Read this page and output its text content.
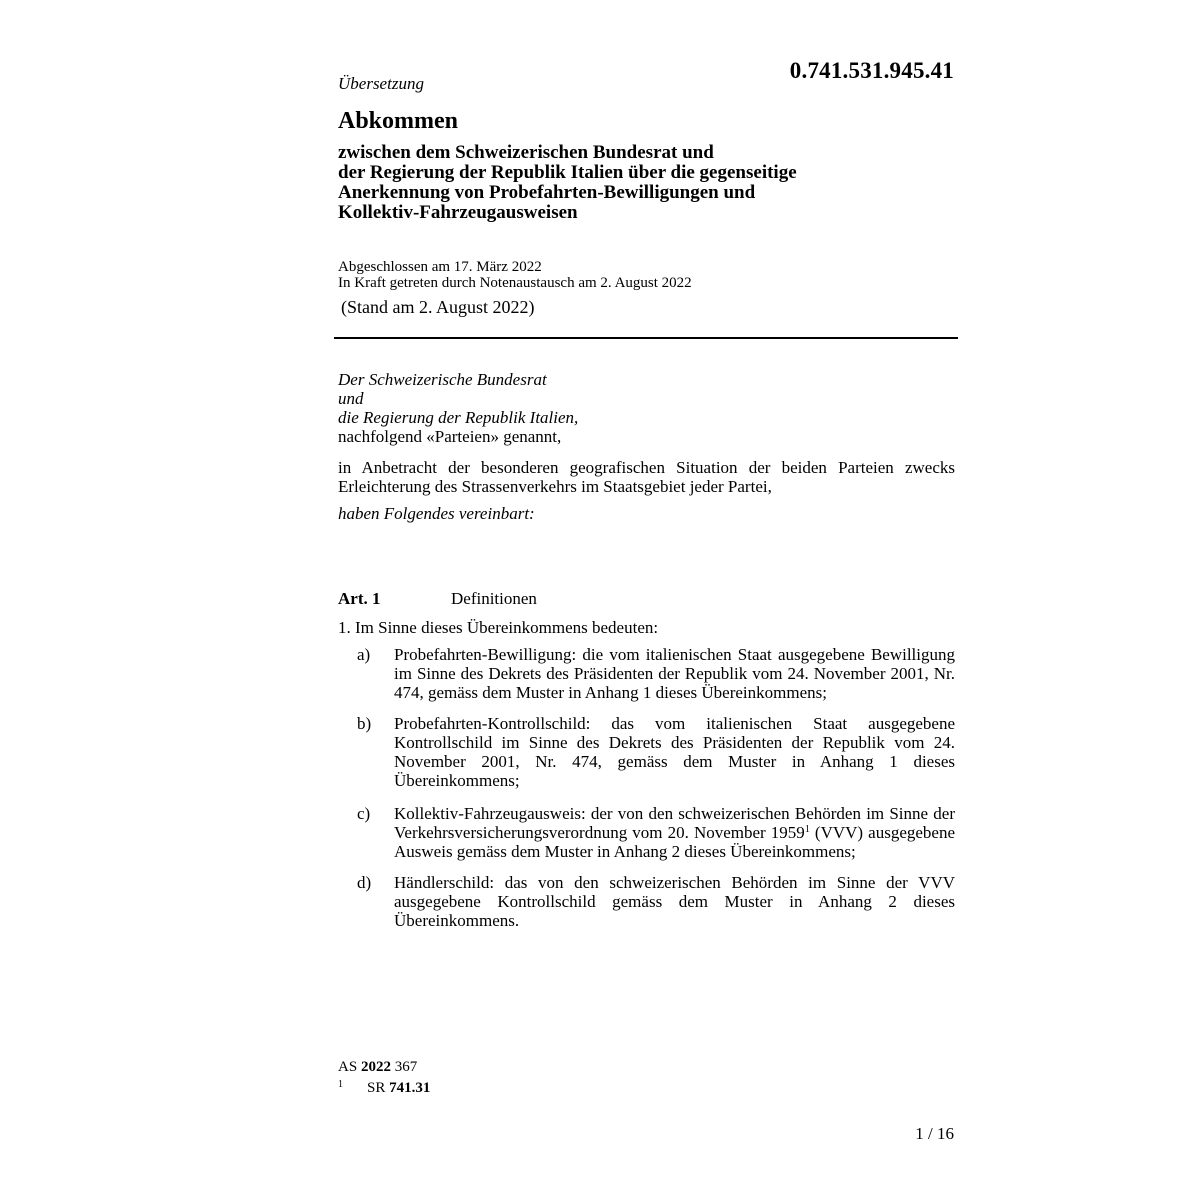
0.741.531.945.41
Übersetzung
Abkommen
zwischen dem Schweizerischen Bundesrat und
der Regierung der Republik Italien über die gegenseitige
Anerkennung von Probefahrten-Bewilligungen und
Kollektiv-Fahrzeugausweisen
Abgeschlossen am 17. März 2022
In Kraft getreten durch Notenaustausch am 2. August 2022
(Stand am 2. August 2022)
Der Schweizerische Bundesrat
und
die Regierung der Republik Italien,
nachfolgend «Parteien» genannt,
in Anbetracht der besonderen geografischen Situation der beiden Parteien zwecks Erleichterung des Strassenverkehrs im Staatsgebiet jeder Partei,
haben Folgendes vereinbart:
Art. 1	Definitionen
1. Im Sinne dieses Übereinkommens bedeuten:
a) Probefahrten-Bewilligung: die vom italienischen Staat ausgegebene Bewilligung im Sinne des Dekrets des Präsidenten der Republik vom 24. November 2001, Nr. 474, gemäss dem Muster in Anhang 1 dieses Übereinkommens;
b) Probefahrten-Kontrollschild: das vom italienischen Staat ausgegebene Kontrollschild im Sinne des Dekrets des Präsidenten der Republik vom 24. November 2001, Nr. 474, gemäss dem Muster in Anhang 1 dieses Übereinkommens;
c) Kollektiv-Fahrzeugausweis: der von den schweizerischen Behörden im Sinne der Verkehrsversicherungsverordnung vom 20. November 1959$^1$ (VVV) ausgegebene Ausweis gemäss dem Muster in Anhang 2 dieses Übereinkommens;
d) Händlerschild: das von den schweizerischen Behörden im Sinne der VVV ausgegebene Kontrollschild gemäss dem Muster in Anhang 2 dieses Übereinkommens.
AS 2022 367
$^1$ SR 741.31
1 / 16
